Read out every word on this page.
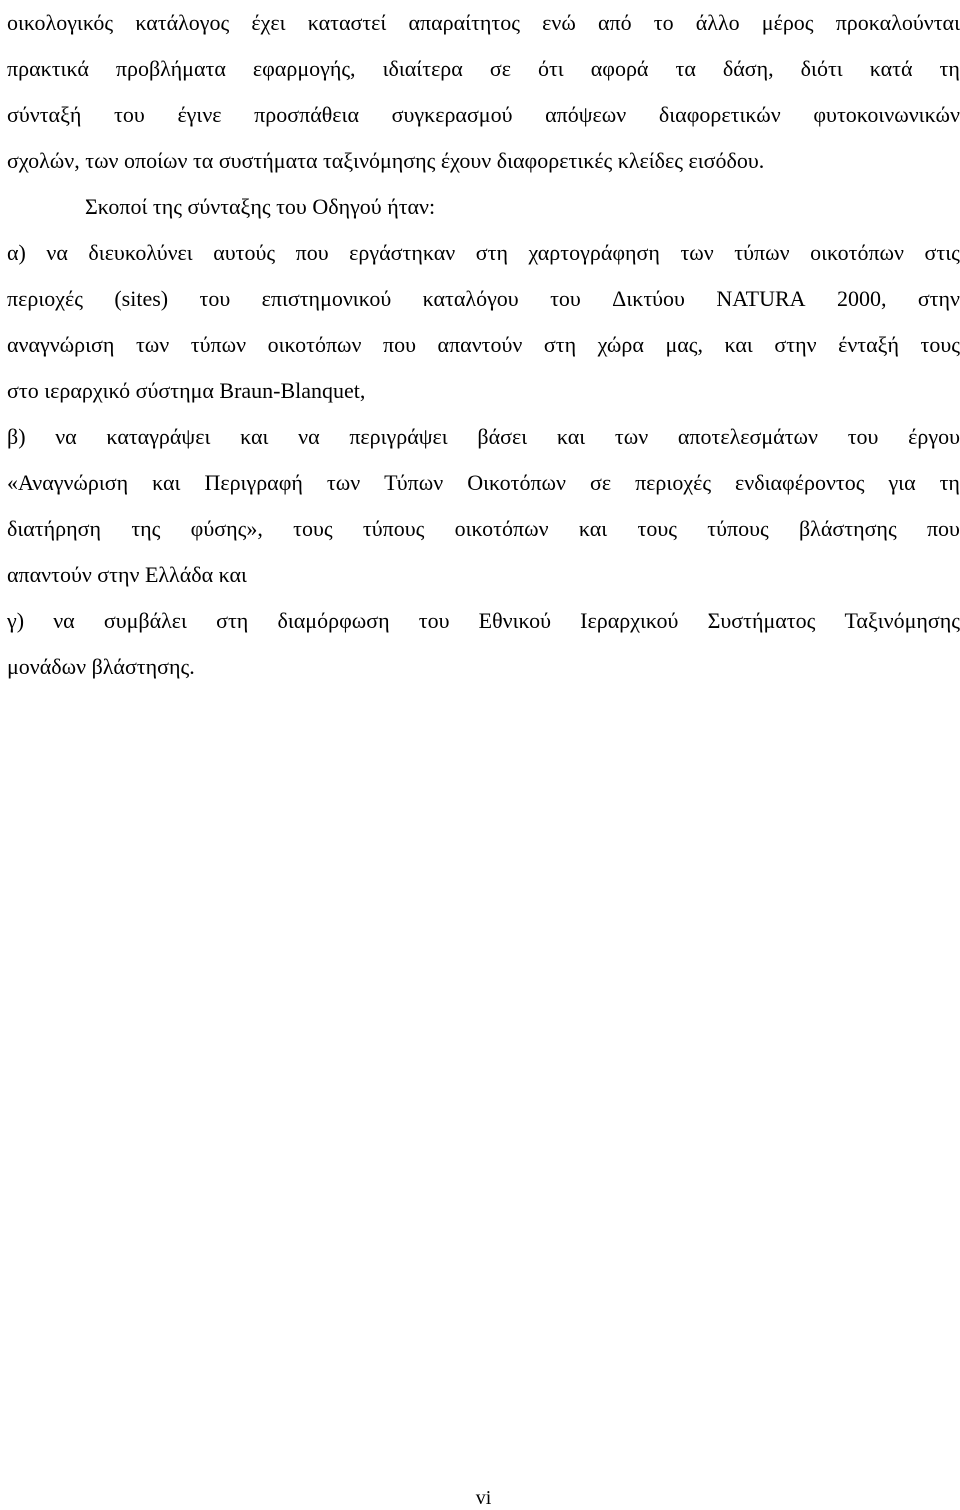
οικολογικός κατάλογος έχει καταστεί απαραίτητος ενώ από το άλλο μέρος προκαλούνται
πρακτικά προβλήματα εφαρμογής, ιδιαίτερα σε ότι αφορά τα δάση, διότι κατά τη
σύνταξή του έγινε προσπάθεια συγκερασμού απόψεων διαφορετικών φυτοκοινωνικών
σχολών, των οποίων τα συστήματα ταξινόμησης έχουν διαφορετικές κλείδες εισόδου.
Σκοποί της σύνταξης του Οδηγού ήταν:
α) να διευκολύνει αυτούς που εργάστηκαν στη χαρτογράφηση των τύπων οικοτόπων στις
περιοχές (sites) του επιστημονικού καταλόγου του Δικτύου NATURA 2000, στην
αναγνώριση των τύπων οικοτόπων που απαντούν στη χώρα μας, και στην ένταξή τους
στο ιεραρχικό σύστημα Braun-Blanquet,
β) να καταγράψει και να περιγράψει βάσει και των αποτελεσμάτων του έργου
«Αναγνώριση και Περιγραφή των Τύπων Οικοτόπων σε περιοχές ενδιαφέροντος για τη
διατήρηση της φύσης», τους τύπους οικοτόπων και τους τύπους βλάστησης που
απαντούν στην Ελλάδα και
γ) να συμβάλει στη διαμόρφωση του Εθνικού Ιεραρχικού Συστήματος Ταξινόμησης
μονάδων βλάστησης.
vi
